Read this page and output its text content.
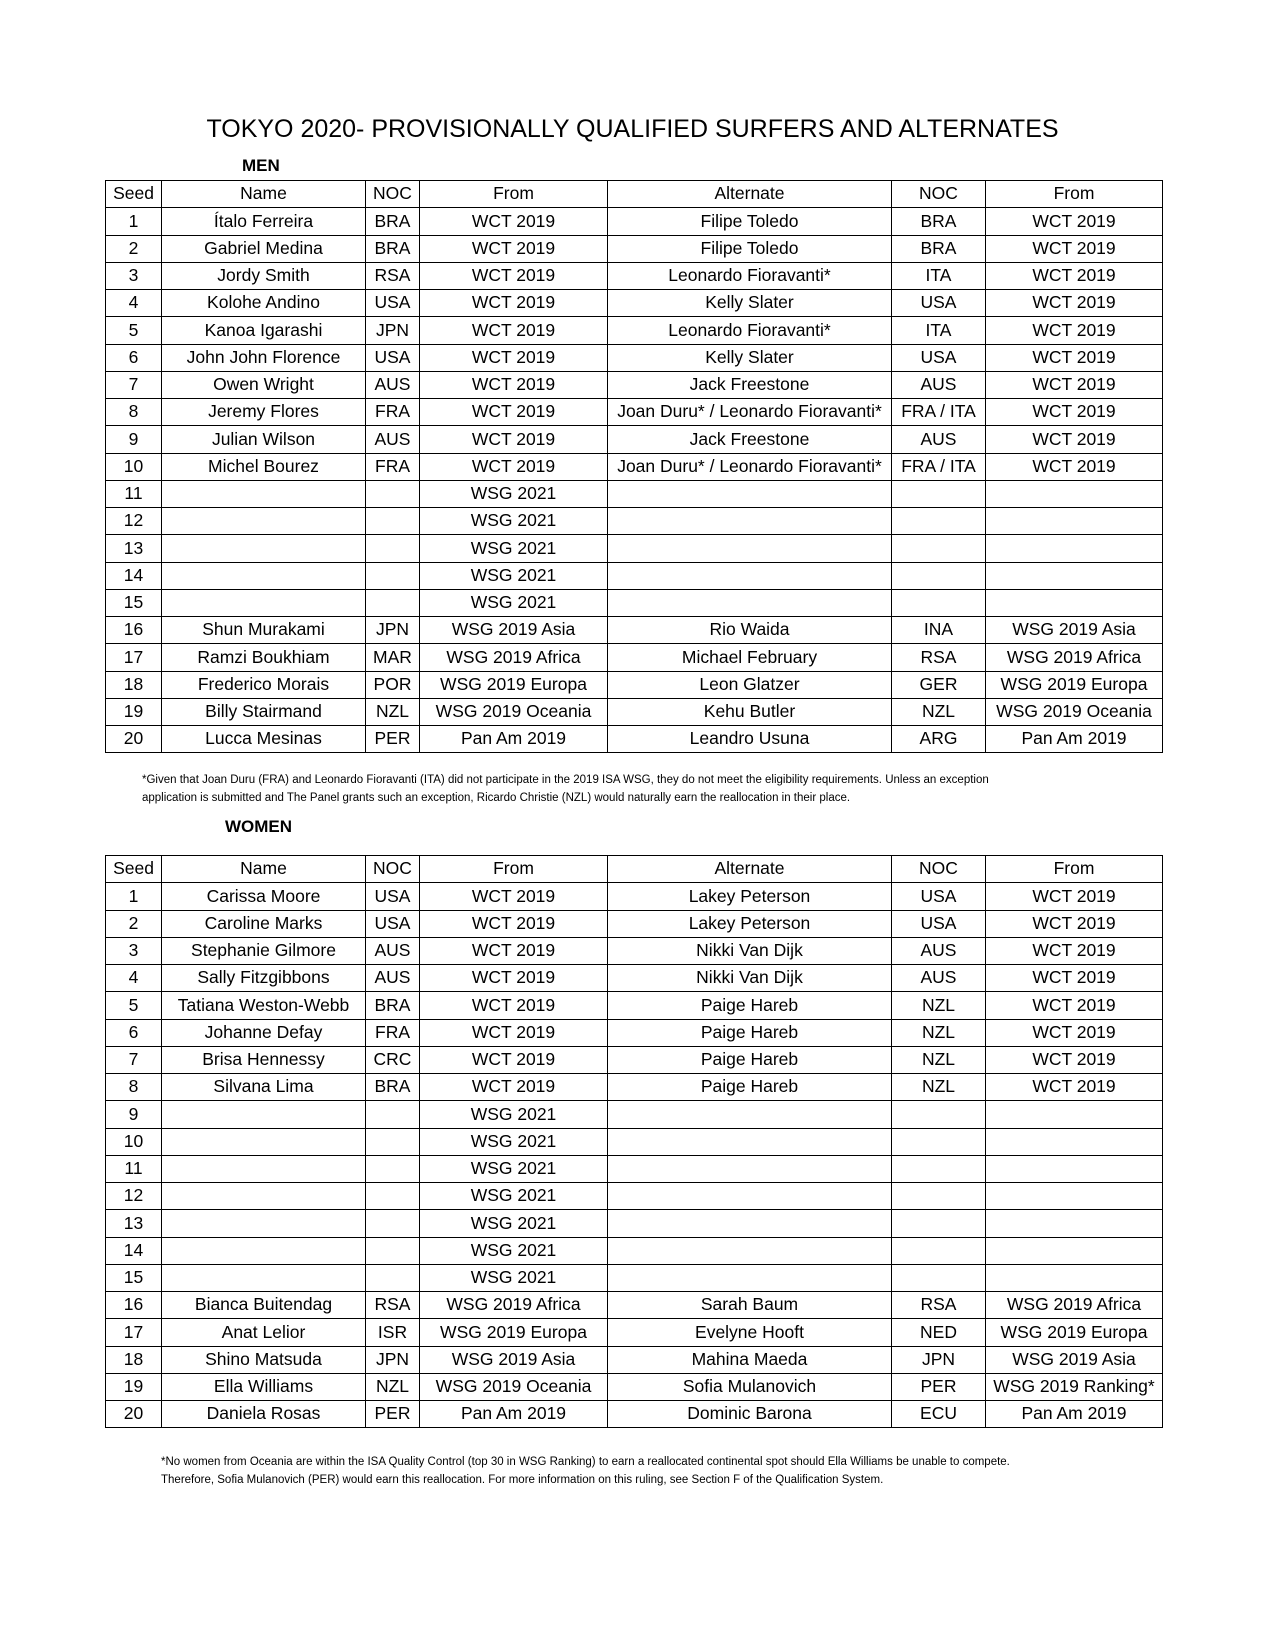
TOKYO 2020- PROVISIONALLY QUALIFIED SURFERS AND ALTERNATES
MEN
Seed	Name	NOC	From	Alternate	NOC	From
1	Ítalo Ferreira	BRA	WCT 2019	Filipe Toledo	BRA	WCT 2019
2	Gabriel Medina	BRA	WCT 2019	Filipe Toledo	BRA	WCT 2019
3	Jordy Smith	RSA	WCT 2019	Leonardo Fioravanti*	ITA	WCT 2019
4	Kolohe Andino	USA	WCT 2019	Kelly Slater	USA	WCT 2019
5	Kanoa Igarashi	JPN	WCT 2019	Leonardo Fioravanti*	ITA	WCT 2019
6	John John Florence	USA	WCT 2019	Kelly Slater	USA	WCT 2019
7	Owen Wright	AUS	WCT 2019	Jack Freestone	AUS	WCT 2019
8	Jeremy Flores	FRA	WCT 2019	Joan Duru* / Leonardo Fioravanti*	FRA / ITA	WCT 2019
9	Julian Wilson	AUS	WCT 2019	Jack Freestone	AUS	WCT 2019
10	Michel Bourez	FRA	WCT 2019	Joan Duru* / Leonardo Fioravanti*	FRA / ITA	WCT 2019
11			WSG 2021			
12			WSG 2021			
13			WSG 2021			
14			WSG 2021			
15			WSG 2021			
16	Shun Murakami	JPN	WSG 2019 Asia	Rio Waida	INA	WSG 2019 Asia
17	Ramzi Boukhiam	MAR	WSG 2019 Africa	Michael February	RSA	WSG 2019 Africa
18	Frederico Morais	POR	WSG 2019 Europa	Leon Glatzer	GER	WSG 2019 Europa
19	Billy Stairmand	NZL	WSG 2019 Oceania	Kehu Butler	NZL	WSG 2019 Oceania
20	Lucca Mesinas	PER	Pan Am 2019	Leandro Usuna	ARG	Pan Am 2019
*Given that Joan Duru (FRA) and Leonardo Fioravanti (ITA) did not participate in the 2019 ISA WSG, they do not meet the eligibility requirements. Unless an exception
application is submitted and The Panel grants such an exception, Ricardo Christie (NZL) would naturally earn the reallocation in their place.
WOMEN
Seed	Name	NOC	From	Alternate	NOC	From
1	Carissa Moore	USA	WCT 2019	Lakey Peterson	USA	WCT 2019
2	Caroline Marks	USA	WCT 2019	Lakey Peterson	USA	WCT 2019
3	Stephanie Gilmore	AUS	WCT 2019	Nikki Van Dijk	AUS	WCT 2019
4	Sally Fitzgibbons	AUS	WCT 2019	Nikki Van Dijk	AUS	WCT 2019
5	Tatiana Weston-Webb	BRA	WCT 2019	Paige Hareb	NZL	WCT 2019
6	Johanne Defay	FRA	WCT 2019	Paige Hareb	NZL	WCT 2019
7	Brisa Hennessy	CRC	WCT 2019	Paige Hareb	NZL	WCT 2019
8	Silvana Lima	BRA	WCT 2019	Paige Hareb	NZL	WCT 2019
9			WSG 2021			
10			WSG 2021			
11			WSG 2021			
12			WSG 2021			
13			WSG 2021			
14			WSG 2021			
15			WSG 2021			
16	Bianca Buitendag	RSA	WSG 2019 Africa	Sarah Baum	RSA	WSG 2019 Africa
17	Anat Lelior	ISR	WSG 2019 Europa	Evelyne Hooft	NED	WSG 2019 Europa
18	Shino Matsuda	JPN	WSG 2019 Asia	Mahina Maeda	JPN	WSG 2019 Asia
19	Ella Williams	NZL	WSG 2019 Oceania	Sofia Mulanovich	PER	WSG 2019 Ranking*
20	Daniela Rosas	PER	Pan Am 2019	Dominic Barona	ECU	Pan Am 2019
*No women from Oceania are within the ISA Quality Control (top 30 in WSG Ranking) to earn a reallocated continental spot should Ella Williams be unable to compete.
Therefore, Sofia Mulanovich (PER) would earn this reallocation. For more information on this ruling, see Section F of the Qualification System.
